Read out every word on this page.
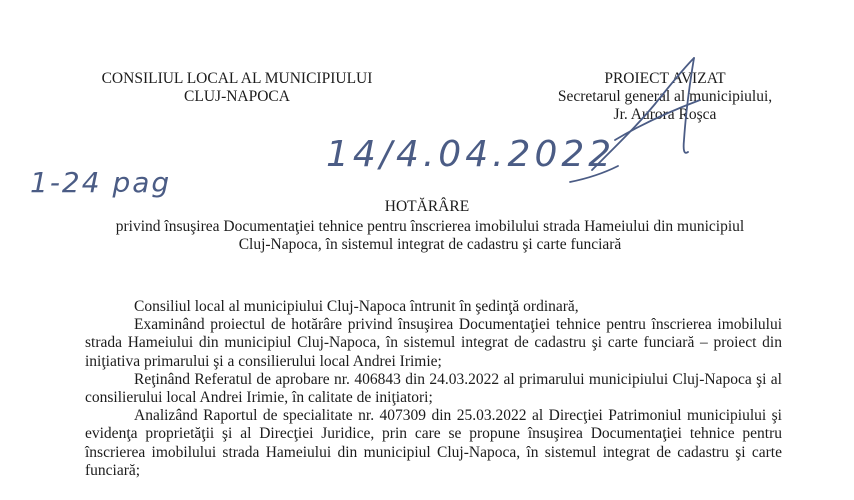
CONSILIUL LOCAL AL MUNICIPIULUI
CLUJ-NAPOCA
PROIECT AVIZAT
Secretarul general al municipiului,
Jr. Aurora Roşca
1-24 pag
14/4.04.2022
HOTĂRÂRE
privind însuşirea Documentaţiei tehnice pentru înscrierea imobilului strada Hameiului din municipiul Cluj-Napoca, în sistemul integrat de cadastru şi carte funciară

Consiliul local al municipiului Cluj-Napoca întrunit în şedinţă ordinară,

Examinând proiectul de hotărâre privind însuşirea Documentaţiei tehnice pentru înscrierea imobilului strada Hameiului din municipiul Cluj-Napoca, în sistemul integrat de cadastru şi carte funciară – proiect din iniţiativa primarului şi a consilierului local Andrei Irimie;

Reţinând Referatul de aprobare nr. 406843 din 24.03.2022 al primarului municipiului Cluj-Napoca şi al consilierului local Andrei Irimie, în calitate de iniţiatori;

Analizând Raportul de specialitate nr. 407309 din 25.03.2022 al Direcţiei Patrimoniul municipiului şi evidenţa proprietăţii şi al Direcţiei Juridice, prin care se propune însuşirea Documentaţiei tehnice pentru înscrierea imobilului strada Hameiului din municipiul Cluj-Napoca, în sistemul integrat de cadastru şi carte funciară;
